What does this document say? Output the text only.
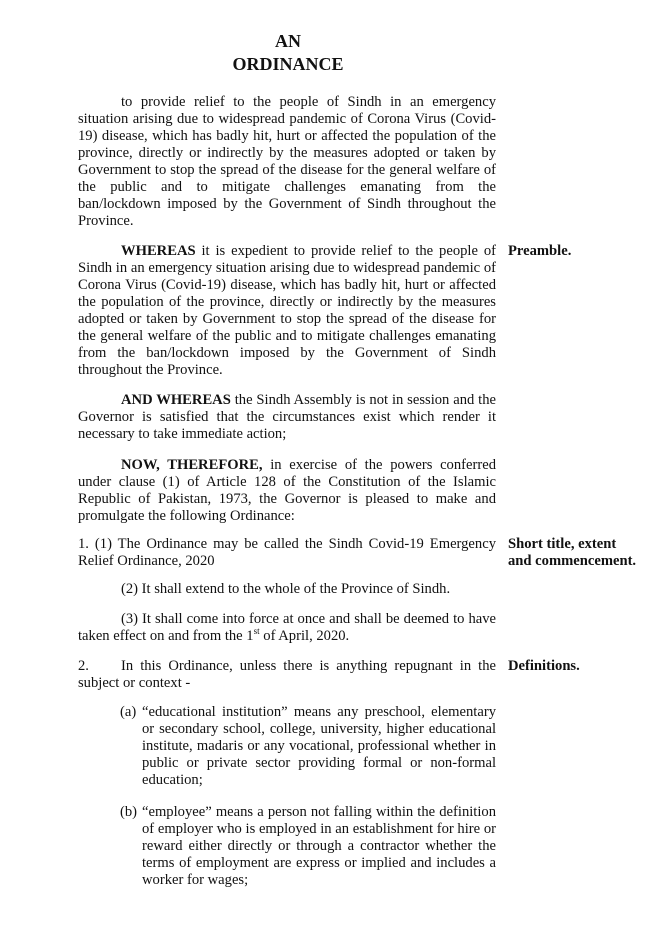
AN
ORDINANCE

to provide relief to the people of Sindh in an emergency situation arising due to widespread pandemic of Corona Virus (Covid-19) disease, which has badly hit, hurt or affected the population of the province, directly or indirectly by the measures adopted or taken by Government to stop the spread of the disease for the general welfare of the public and to mitigate challenges emanating from the ban/lockdown imposed by the Government of Sindh throughout the Province.

WHEREAS it is expedient to provide relief to the people of Sindh in an emergency situation arising due to widespread pandemic of Corona Virus (Covid-19) disease, which has badly hit, hurt or affected the population of the province, directly or indirectly by the measures adopted or taken by Government to stop the spread of the disease for the general welfare of the public and to mitigate challenges emanating from the ban/lockdown imposed by the Government of Sindh throughout the Province.

Preamble.

AND WHEREAS the Sindh Assembly is not in session and the Governor is satisfied that the circumstances exist which render it necessary to take immediate action;

NOW, THEREFORE, in exercise of the powers conferred under clause (1) of Article 128 of the Constitution of the Islamic Republic of Pakistan, 1973, the Governor is pleased to make and promulgate the following Ordinance:

1. (1) The Ordinance may be called the Sindh Covid-19 Emergency Relief Ordinance, 2020

Short title, extent and commencement.

(2) It shall extend to the whole of the Province of Sindh.

(3) It shall come into force at once and shall be deemed to have taken effect on and from the 1st of April, 2020.

2.	In this Ordinance, unless there is anything repugnant in the subject or context -

Definitions.
(a) “educational institution” means any preschool, elementary or secondary school, college, university, higher educational institute, madaris or any vocational, professional whether in public or private sector providing formal or non-formal education;
(b) “employee” means a person not falling within the definition of employer who is employed in an establishment for hire or reward either directly or through a contractor whether the terms of employment are express or implied and includes a worker for wages;
